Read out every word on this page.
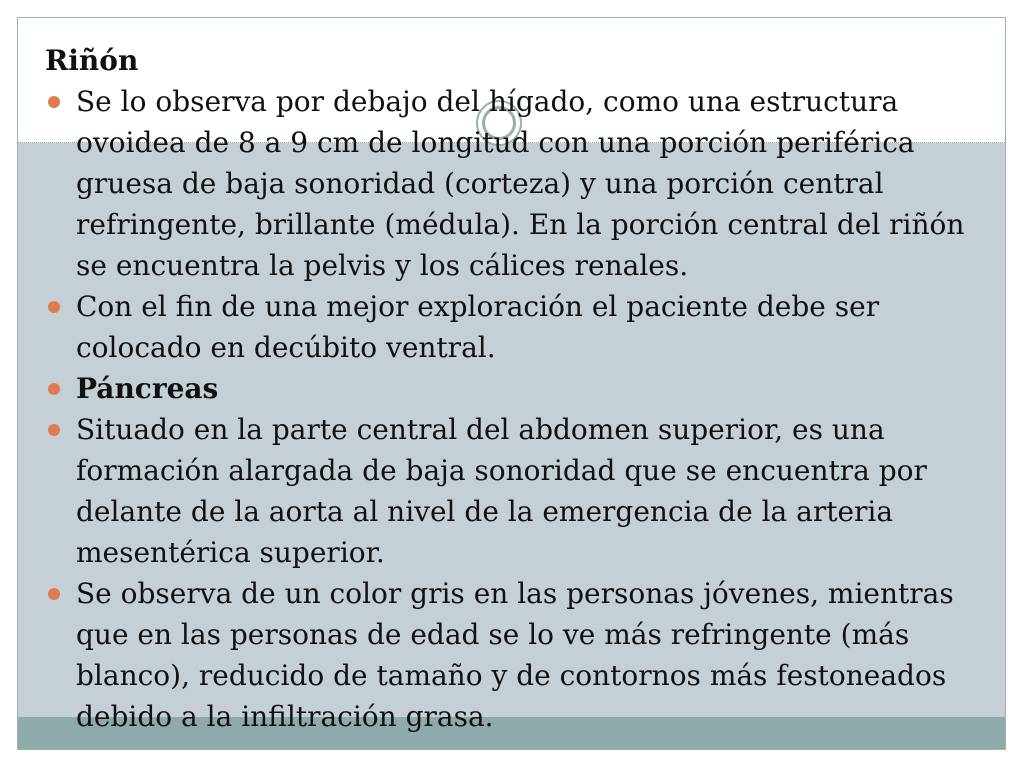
Riñón
Se lo observa por debajo del hígado, como una estructura ovoidea de 8 a 9 cm de longitud con una porción periférica gruesa de baja sonoridad (corteza) y una porción central refringente, brillante (médula). En la porción central del riñón se encuentra la pelvis y los cálices renales.
Con el fin de una mejor exploración el paciente debe ser colocado en decúbito ventral.
Páncreas
Situado en la parte central del abdomen superior, es una formación alargada de baja sonoridad que se encuentra por delante de la aorta al nivel de la emergencia de la arteria mesentérica superior.
Se observa de un color gris en las personas jóvenes, mientras que en las personas de edad se lo ve más refringente (más blanco), reducido de tamaño y de contornos más festoneados debido a la infiltración grasa.
